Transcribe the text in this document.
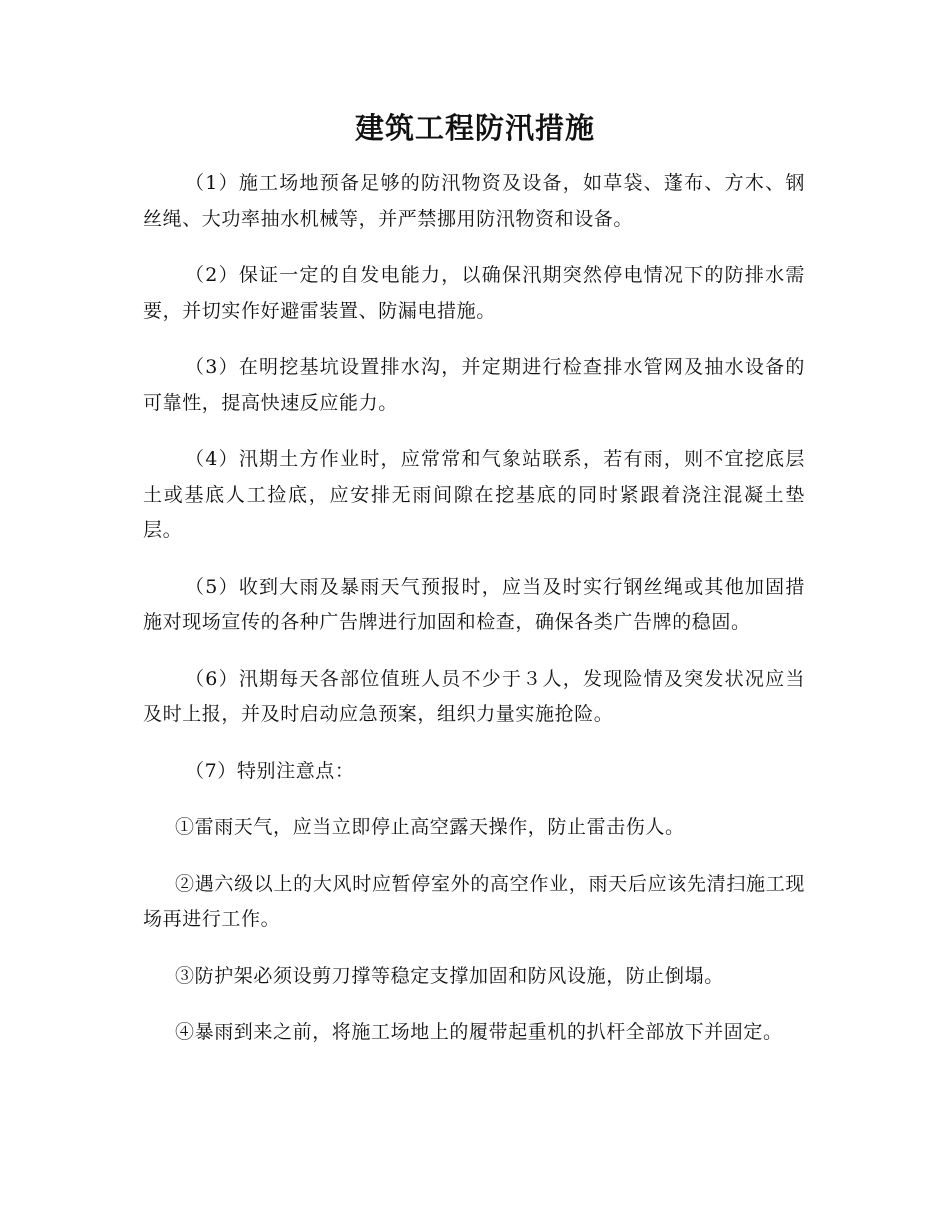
建筑工程防汛措施

（1）施工场地预备足够的防汛物资及设备，如草袋、蓬布、方木、钢丝绳、大功率抽水机械等，并严禁挪用防汛物资和设备。

（2）保证一定的自发电能力，以确保汛期突然停电情况下的防排水需要，并切实作好避雷装置、防漏电措施。

（3）在明挖基坑设置排水沟，并定期进行检查排水管网及抽水设备的可靠性，提高快速反应能力。

（4）汛期土方作业时，应常常和气象站联系，若有雨，则不宜挖底层土或基底人工捡底，应安排无雨间隙在挖基底的同时紧跟着浇注混凝土垫层。

（5）收到大雨及暴雨天气预报时，应当及时实行钢丝绳或其他加固措施对现场宣传的各种广告牌进行加固和检查，确保各类广告牌的稳固。

（6）汛期每天各部位值班人员不少于３人，发现险情及突发状况应当及时上报，并及时启动应急预案，组织力量实施抢险。

（7）特别注意点：

①雷雨天气，应当立即停止高空露天操作，防止雷击伤人。

②遇六级以上的大风时应暂停室外的高空作业，雨天后应该先清扫施工现场再进行工作。

③防护架必须设剪刀撑等稳定支撑加固和防风设施，防止倒塌。

④暴雨到来之前，将施工场地上的履带起重机的扒杆全部放下并固定。
